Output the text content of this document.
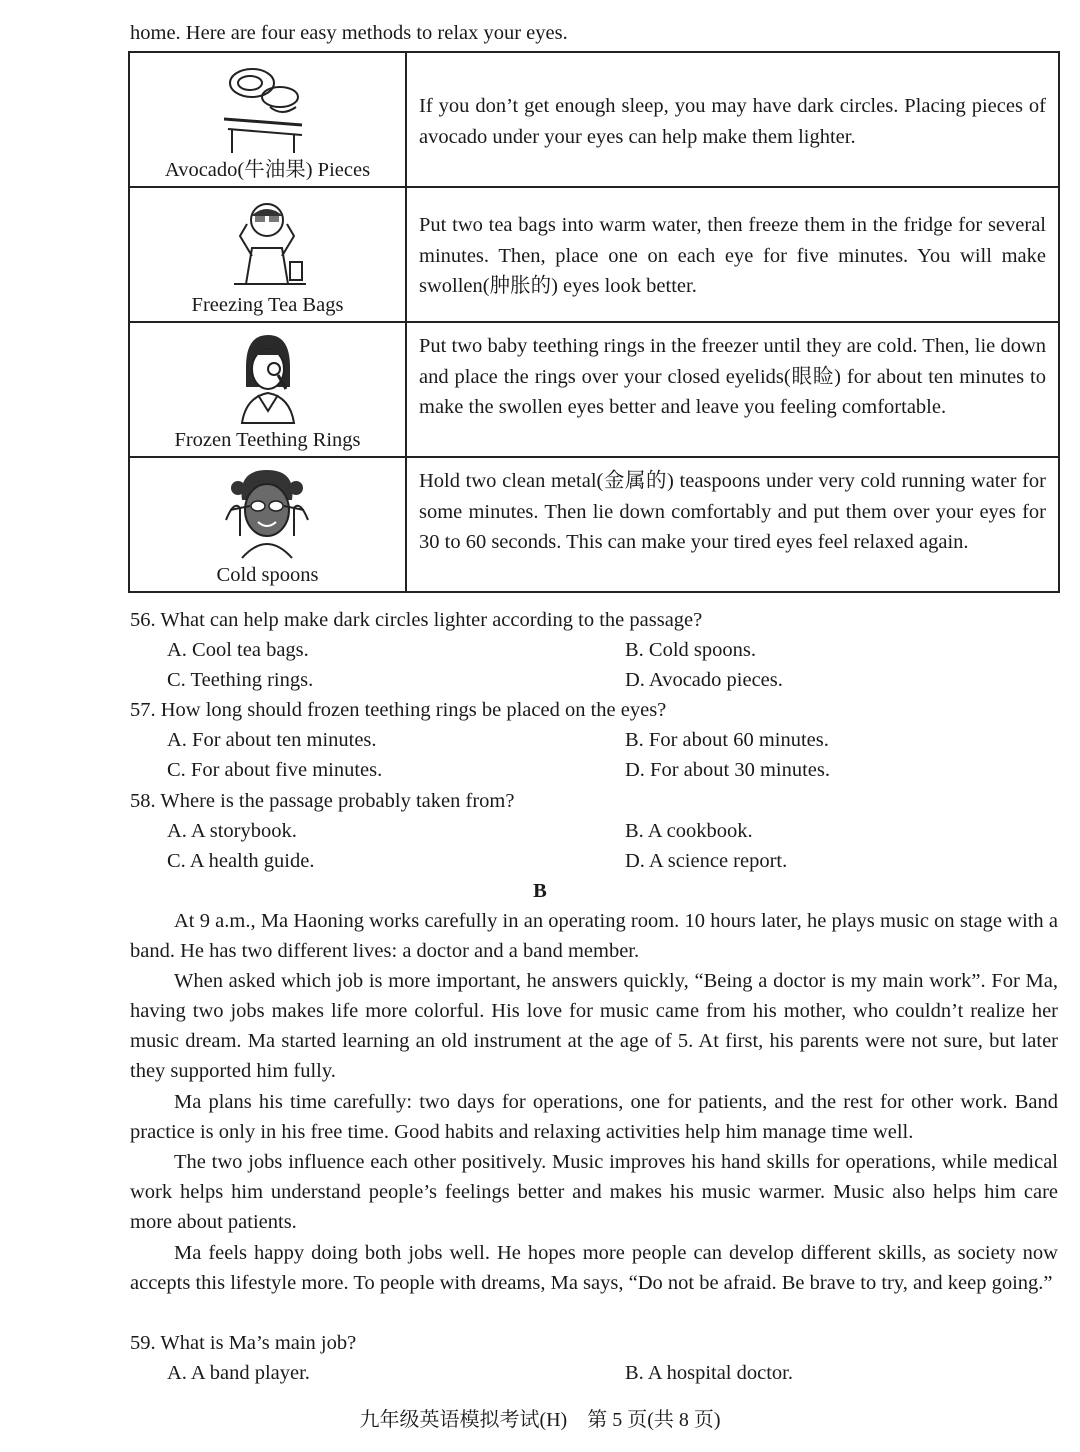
home. Here are four easy methods to relax your eyes.
Avocado(牛油果) Pieces	If you don’t get enough sleep, you may have dark circles. Placing pieces of avocado under your eyes can help make them lighter.

Freezing Tea Bags	Put two tea bags into warm water, then freeze them in the fridge for several minutes. Then, place one on each eye for five minutes. You will make swollen(肿胀的) eyes look better.

Frozen Teething Rings	Put two baby teething rings in the freezer until they are cold. Then, lie down and place the rings over your closed eyelids(眼睑) for about ten minutes to make the swollen eyes better and leave you feeling comfortable.

Cold spoons	Hold two clean metal(金属的) teaspoons under very cold running water for some minutes. Then lie down comfortably and put them over your eyes for 30 to 60 seconds. This can make your tired eyes feel relaxed again.
56. What can help make dark circles lighter according to the passage?
A. Cool tea bags.	B. Cold spoons.
C. Teething rings.	D. Avocado pieces.
57. How long should frozen teething rings be placed on the eyes?
A. For about ten minutes.	B. For about 60 minutes.
C. For about five minutes.	D. For about 30 minutes.
58. Where is the passage probably taken from?
A. A storybook.	B. A cookbook.
C. A health guide.	D. A science report.
B
At 9 a.m., Ma Haoning works carefully in an operating room. 10 hours later, he plays music on stage with a band. He has two different lives: a doctor and a band member.
When asked which job is more important, he answers quickly, “Being a doctor is my main work”. For Ma, having two jobs makes life more colorful. His love for music came from his mother, who couldn’t realize her music dream. Ma started learning an old instrument at the age of 5. At first, his parents were not sure, but later they supported him fully.
Ma plans his time carefully: two days for operations, one for patients, and the rest for other work. Band practice is only in his free time. Good habits and relaxing activities help him manage time well.
The two jobs influence each other positively. Music improves his hand skills for operations, while medical work helps him understand people’s feelings better and makes his music warmer. Music also helps him care more about patients.
Ma feels happy doing both jobs well. He hopes more people can develop different skills, as society now accepts this lifestyle more. To people with dreams, Ma says, “Do not be afraid. Be brave to try, and keep going.”
59. What is Ma’s main job?
A. A band player.	B. A hospital doctor.
九年级英语模拟考试(H)　第 5 页(共 8 页)
